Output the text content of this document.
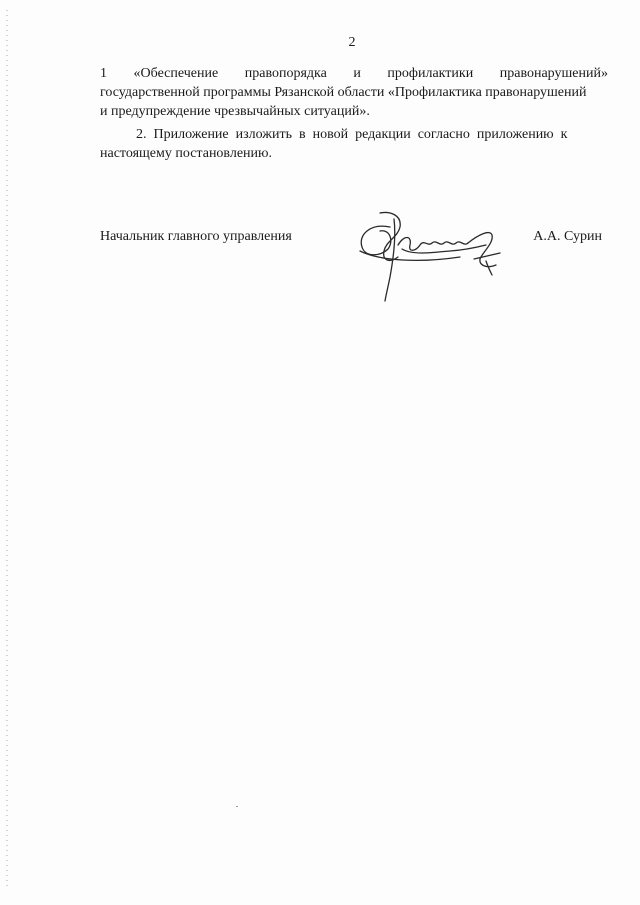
2
1 «Обеспечение правопорядка и профилактики правонарушений»
государственной программы Рязанской области «Профилактика правонарушений
и предупреждение чрезвычайных ситуаций».
2. Приложение изложить в новой редакции согласно приложению к
настоящему постановлению.
Начальник главного управления	А.А. Сурин
